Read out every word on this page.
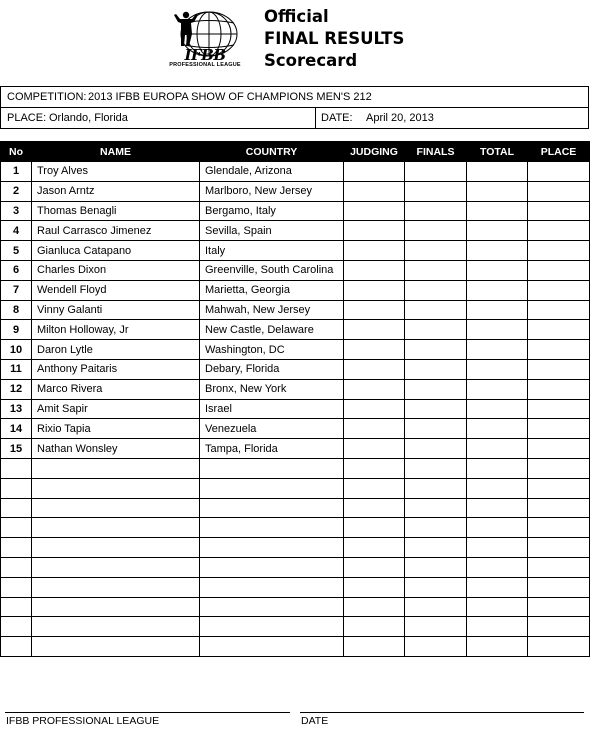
IFBB
PROFESSIONAL LEAGUE
Official
FINAL RESULTS
Scorecard
COMPETITION: 2013 IFBB EUROPA SHOW OF CHAMPIONS MEN'S 212
PLACE: Orlando, Florida	DATE: April 20, 2013
No	NAME	COUNTRY	JUDGING	FINALS	TOTAL	PLACE
1	Troy Alves	Glendale, Arizona				
2	Jason Arntz	Marlboro, New Jersey				
3	Thomas Benagli	Bergamo, Italy				
4	Raul Carrasco Jimenez	Sevilla, Spain				
5	Gianluca Catapano	Italy				
6	Charles Dixon	Greenville, South Carolina				
7	Wendell Floyd	Marietta, Georgia				
8	Vinny Galanti	Mahwah, New Jersey				
9	Milton Holloway, Jr	New Castle, Delaware				
10	Daron Lytle	Washington, DC				
11	Anthony Paitaris	Debary, Florida				
12	Marco Rivera	Bronx, New York				
13	Amit Sapir	Israel				
14	Rixio Tapia	Venezuela				
15	Nathan Wonsley	Tampa, Florida				

IFBB PROFESSIONAL LEAGUE	DATE
